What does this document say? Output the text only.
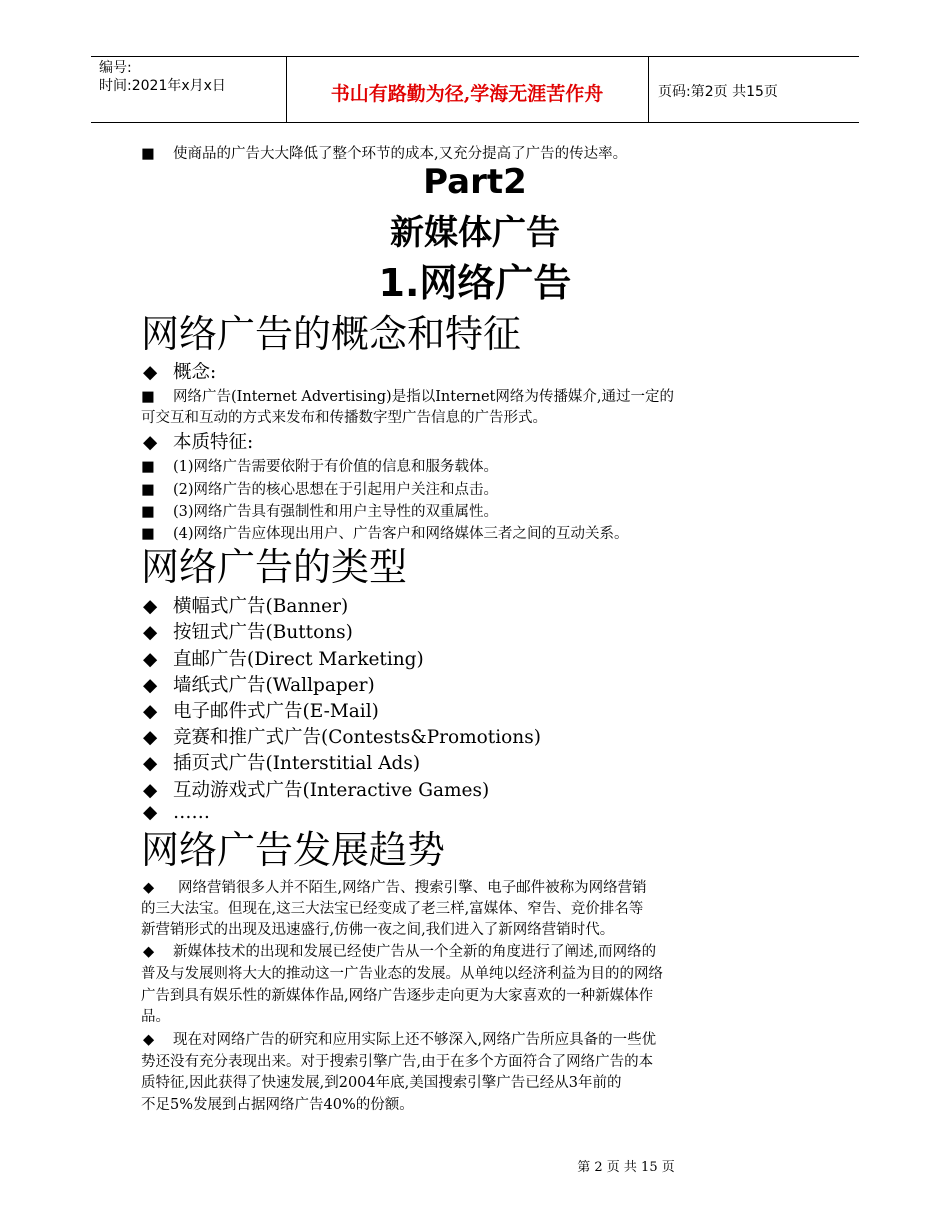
编号:
时间:2021年x月x日	书山有路勤为径,学海无涯苦作舟	页码:第2页 共15页
■ 使商品的广告大大降低了整个环节的成本,又充分提高了广告的传达率。
Part2
新媒体广告
1.网络广告
网络广告的概念和特征
◆ 概念:
■ 网络广告(Internet Advertising)是指以Internet网络为传播媒介,通过一定的
可交互和互动的方式来发布和传播数字型广告信息的广告形式。
◆ 本质特征:
■ (1)网络广告需要依附于有价值的信息和服务载体。
■ (2)网络广告的核心思想在于引起用户关注和点击。
■ (3)网络广告具有强制性和用户主导性的双重属性。
■ (4)网络广告应体现出用户、广告客户和网络媒体三者之间的互动关系。
网络广告的类型
◆ 横幅式广告(Banner)
◆ 按钮式广告(Buttons)
◆ 直邮广告(Direct Marketing)
◆ 墙纸式广告(Wallpaper)
◆ 电子邮件式广告(E-Mail)
◆ 竞赛和推广式广告(Contests&Promotions)
◆ 插页式广告(Interstitial Ads)
◆ 互动游戏式广告(Interactive Games)
◆ ……
网络广告发展趋势
◆ 网络营销很多人并不陌生,网络广告、搜索引擎、电子邮件被称为网络营销
的三大法宝。但现在,这三大法宝已经变成了老三样,富媒体、窄告、竞价排名等
新营销形式的出现及迅速盛行,仿佛一夜之间,我们进入了新网络营销时代。
◆ 新媒体技术的出现和发展已经使广告从一个全新的角度进行了阐述,而网络的
普及与发展则将大大的推动这一广告业态的发展。从单纯以经济利益为目的的网络
广告到具有娱乐性的新媒体作品,网络广告逐步走向更为大家喜欢的一种新媒体作
品。
◆ 现在对网络广告的研究和应用实际上还不够深入,网络广告所应具备的一些优
势还没有充分表现出来。对于搜索引擎广告,由于在多个方面符合了网络广告的本
质特征,因此获得了快速发展,到2004年底,美国搜索引擎广告已经从3年前的
不足5%发展到占据网络广告40%的份额。
第 2 页 共 15 页
